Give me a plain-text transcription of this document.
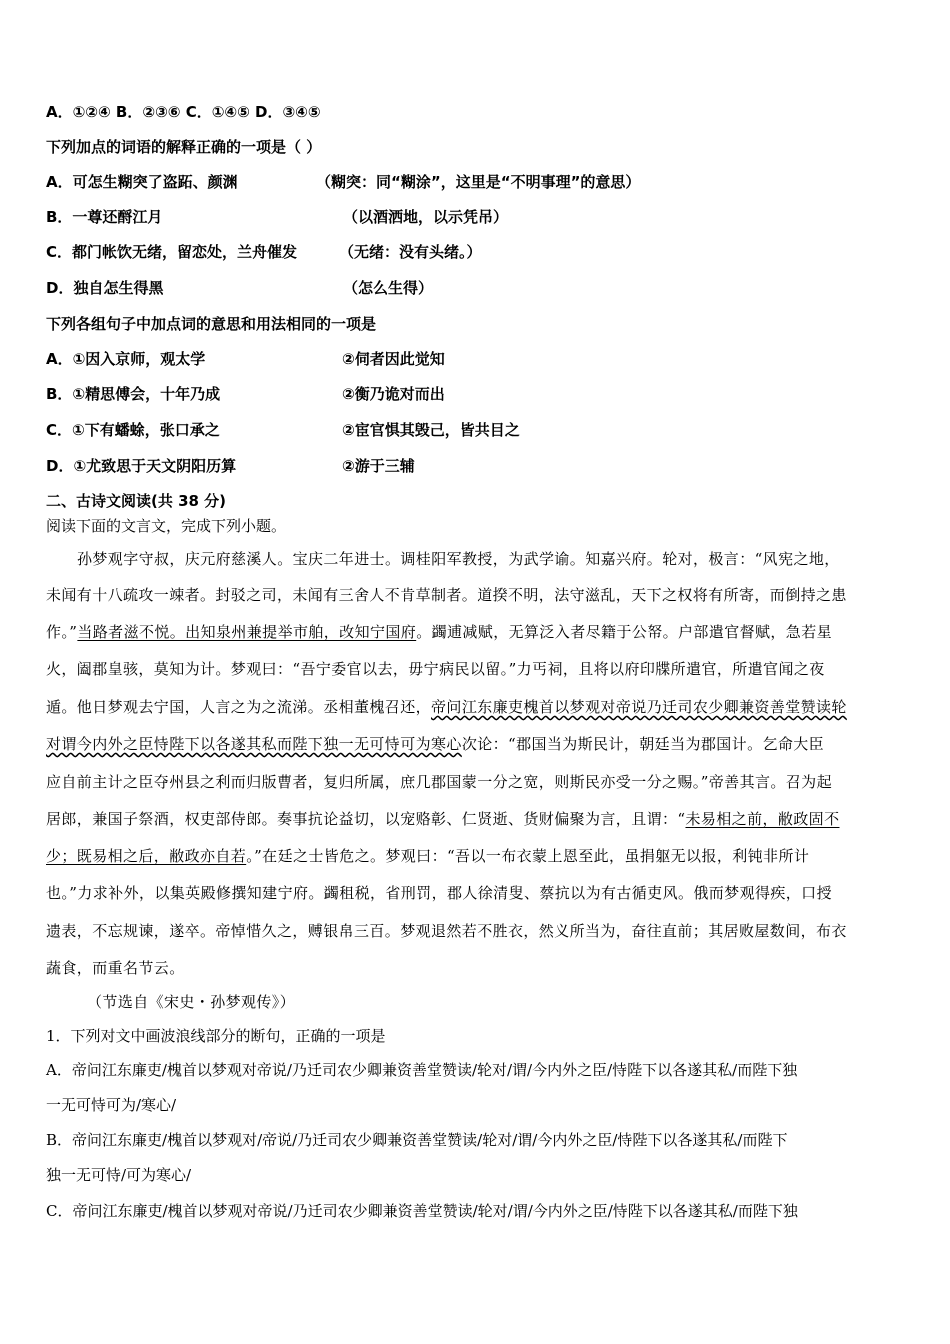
A．①②④ B．②③⑥ C．①④⑤ D．③④⑤
下列加点的词语的解释正确的一项是（ ）
A．可怎生糊突了盗跖、颜渊	（糊突：同“糊涂”，这里是“不明事理”的意思）
B．一尊还酹江月	（以酒洒地，以示凭吊）
C．都门帐饮无绪，留恋处，兰舟催发	（无绪：没有头绪。）
D．独自怎生得黑	（怎么生得）
下列各组句子中加点词的意思和用法相同的一项是
A．①因入京师，观太学	②伺者因此觉知
B．①精思傅会，十年乃成	②衡乃诡对而出
C．①下有蟠蜍，张口承之	②宦官惧其毁己，皆共目之
D．①尤致思于天文阴阳历算	②游于三辅
二、古诗文阅读(共 38 分)
阅读下面的文言文，完成下列小题。
孙梦观字守叔，庆元府慈溪人。宝庆二年进士。调桂阳军教授，为武学谕。知嘉兴府。轮对，极言：“风宪之地，
未闻有十八疏攻一竦者。封驳之司，未闻有三舍人不肯草制者。道揆不明，法守滋乱，天下之权将有所寄，而倒持之患
作。”当路者滋不悦。出知泉州兼提举市舶，改知宁国府。蠲逋减赋，无算泛入者尽籍于公帑。户部遣官督赋，急若星
火，阖郡皇骇，莫知为计。梦观曰：“吾宁委官以去，毋宁病民以留。”力丐祠，且将以府印牒所遣官，所遣官闻之夜
遁。他日梦观去宁国，人言之为之流涕。丞相董槐召还，帝问江东廉吏槐首以梦观对帝说乃迁司农少卿兼资善堂赞读轮
对谓今内外之臣恃陛下以各遂其私而陛下独一无可恃可为寒心次论：“郡国当为斯民计，朝廷当为郡国计。乞命大臣
应自前主计之臣夺州县之利而归版曹者，复归所属，庶几郡国蒙一分之宽，则斯民亦受一分之赐。”帝善其言。召为起
居郎，兼国子祭酒，权吏部侍郎。奏事抗论益切，以宠赂彰、仁贤逝、货财偏聚为言，且谓：“未易相之前，敝政固不
少；既易相之后，敝政亦自若。”在廷之士皆危之。梦观曰：“吾以一布衣蒙上恩至此，虽捐躯无以报，利钝非所计
也。”力求补外，以集英殿修撰知建宁府。蠲租税，省刑罚，郡人徐清叟、蔡抗以为有古循吏风。俄而梦观得疾，口授
遗表，不忘规谏，遂卒。帝悼惜久之，赙银帛三百。梦观退然若不胜衣，然义所当为，奋往直前；其居败屋数间，布衣
蔬食，而重名节云。
（节选自《宋史・孙梦观传》）
1．下列对文中画波浪线部分的断句，正确的一项是
A．帝问江东廉吏/槐首以梦观对帝说/乃迁司农少卿兼资善堂赞读/轮对/谓/今内外之臣/恃陛下以各遂其私/而陛下独
一无可恃可为/寒心/
B．帝问江东廉吏/槐首以梦观对/帝说/乃迁司农少卿兼资善堂赞读/轮对/谓/今内外之臣/恃陛下以各遂其私/而陛下
独一无可恃/可为寒心/
C．帝问江东廉吏/槐首以梦观对帝说/乃迁司农少卿兼资善堂赞读/轮对/谓/今内外之臣/恃陛下以各遂其私/而陛下独
